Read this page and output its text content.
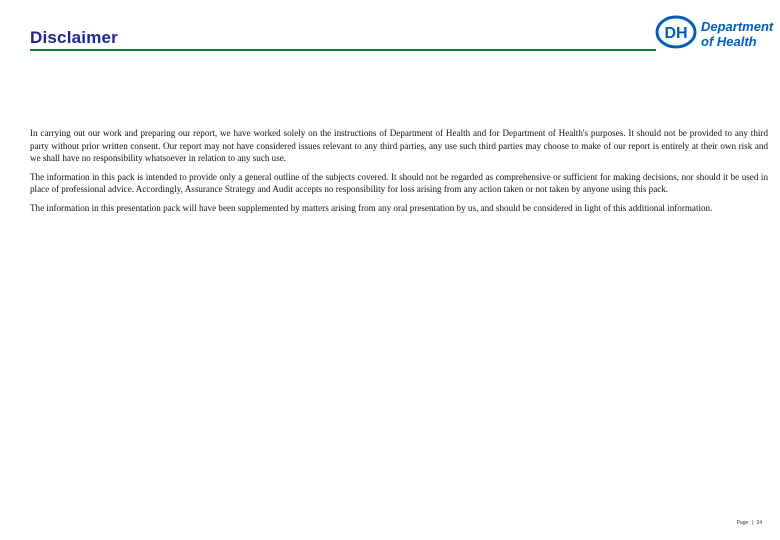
Disclaimer	DH Department
of Health

In carrying out our work and preparing our report, we have worked solely on the instructions of Department of Health and for Department of Health's purposes. It should not be provided to any third party without prior written consent. Our report may not have considered issues relevant to any third parties, any use such third parties may choose to make of our report is entirely at their own risk and we shall have no responsibility whatsoever in relation to any such use.

The information in this pack is intended to provide only a general outline of the subjects covered. It should not be regarded as comprehensive or sufficient for making decisions, nor should it be used in place of professional advice. Accordingly, Assurance Strategy and Audit accepts no responsibility for loss arising from any action taken or not taken by anyone using this pack.

The information in this presentation pack will have been supplemented by matters arising from any oral presentation by us, and should be considered in light of this additional information.

Page | 24
